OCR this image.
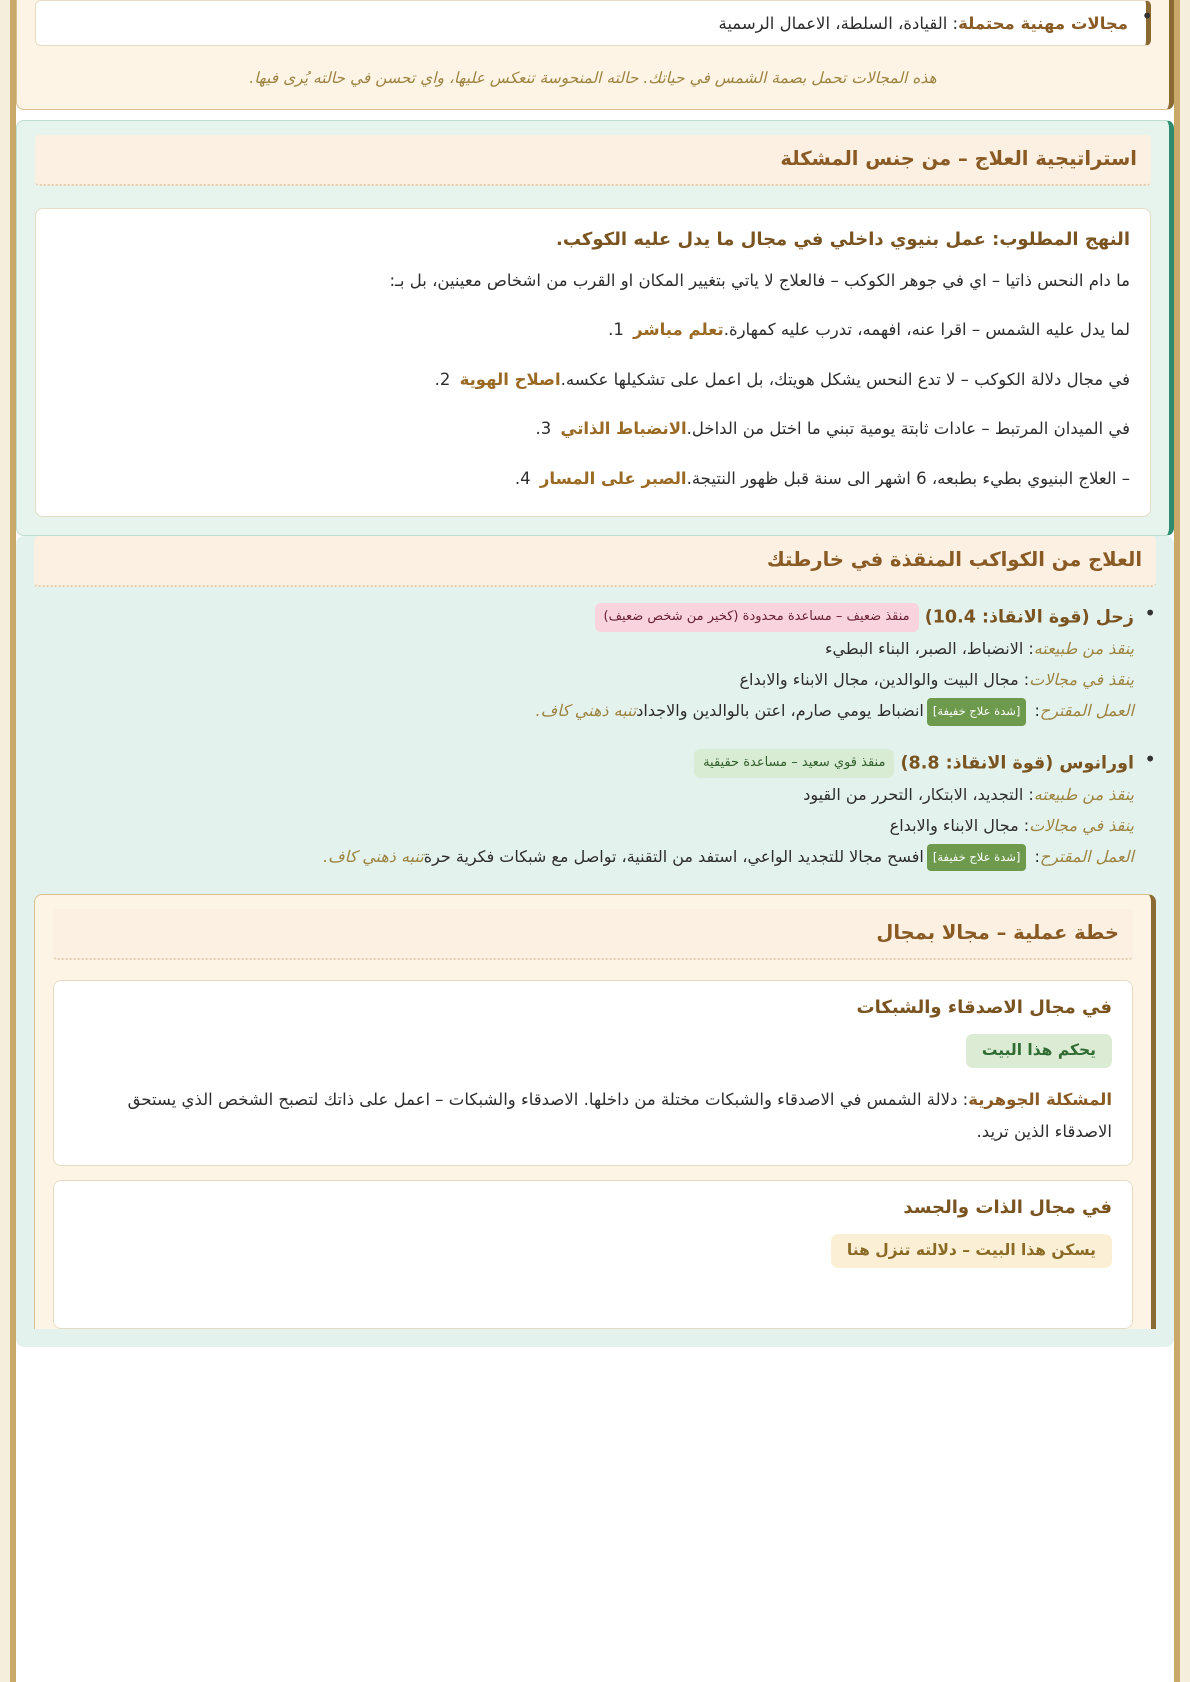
•
مجالات مهنية محتملة: القيادة، السلطة، الاعمال الرسمية
هذه المجالات تحمل بصمة الشمس في حياتك. حالته المنحوسة تنعكس عليها، واي تحسن في حالته يُرى فيها.
استراتيجية العلاج – من جنس المشكلة
النهج المطلوب: عمل بنيوي داخلي في مجال ما يدل عليه الكوكب.
ما دام النحس ذاتيا – اي في جوهر الكوكب – فالعلاج لا ياتي بتغيير المكان او القرب من اشخاص معينين، بل بـ:
لما يدل عليه الشمس – اقرا عنه، افهمه، تدرب عليه كمهارة.تعلم مباشر
في مجال دلالة الكوكب – لا تدع النحس يشكل هويتك، بل اعمل على تشكيلها عكسه.اصلاح الهوية
في الميدان المرتبط – عادات ثابتة يومية تبني ما اختل من الداخل.الانضباط الذاتي
– العلاج البنيوي بطيء بطبعه، 6 اشهر الى سنة قبل ظهور النتيجة.الصبر على المسار
العلاج من الكواكب المنقذة في خارطتك
• زحل (قوة الانقاذ: 10.4) منقذ ضعيف – مساعدة محدودة (كخير من شخص ضعيف)
ينقذ من طبيعته: الانضباط، الصبر، البناء البطيء
ينقذ في مجالات: مجال البيت والوالدين، مجال الابناء والابداع
العمل المقترح: [شدة علاج خفيفة]انضباط يومي صارم، اعتن بالوالدين والاجدادتنبه ذهني كاف.
• اورانوس (قوة الانقاذ: 8.8) منقذ قوي سعيد – مساعدة حقيقية
ينقذ من طبيعته: التجديد، الابتكار، التحرر من القيود
ينقذ في مجالات: مجال الابناء والابداع
العمل المقترح: [شدة علاج خفيفة]افسح مجالا للتجديد الواعي، استفد من التقنية، تواصل مع شبكات فكرية حرةتنبه ذهني كاف.
خطة عملية – مجالا بمجال
في مجال الاصدقاء والشبكات
يحكم هذا البيت
المشكلة الجوهرية: دلالة الشمس في الاصدقاء والشبكات مختلة من داخلها. الاصدقاء والشبكات – اعمل على ذاتك لتصبح الشخص الذي يستحق الاصدقاء الذين تريد.
في مجال الذات والجسد
يسكن هذا البيت – دلالته تنزل هنا
